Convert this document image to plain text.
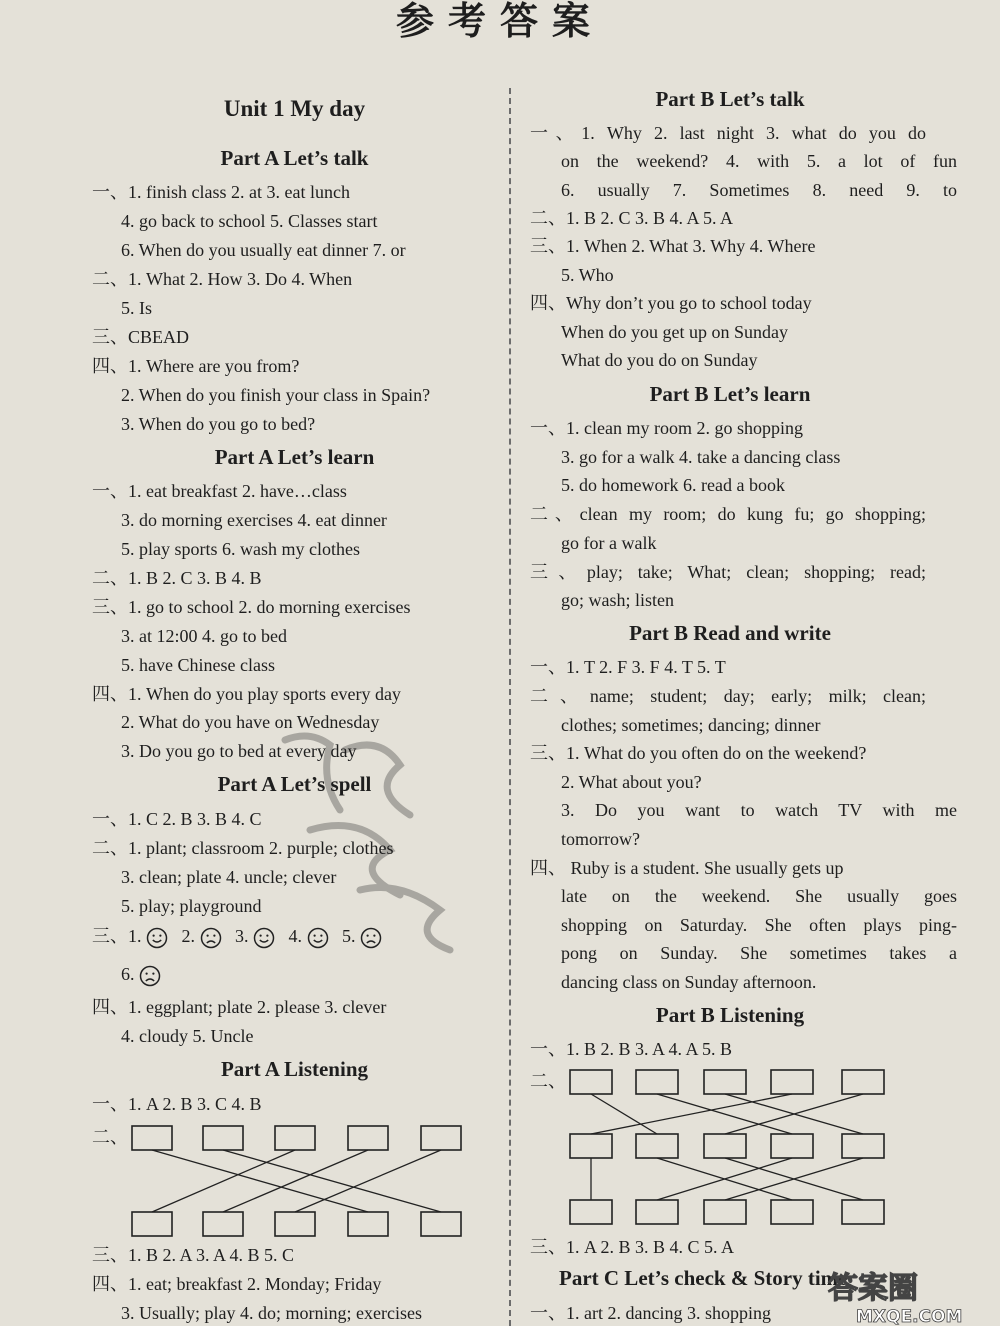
参考答案
Unit 1 My day
Part A Let’s talk
一、1. finish class 2. at 3. eat lunch
4. go back to school 5. Classes start
6. When do you usually eat dinner 7. or
二、1. What 2. How 3. Do 4. When
5. Is
三、CBEAD
四、1. Where are you from?
2. When do you finish your class in Spain?
3. When do you go to bed?
Part A Let’s learn
一、1. eat breakfast 2. have…class
3. do morning exercises 4. eat dinner
5. play sports 6. wash my clothes
二、1. B 2. C 3. B 4. B
三、1. go to school 2. do morning exercises
3. at 12:00 4. go to bed
5. have Chinese class
四、1. When do you play sports every day
2. What do you have on Wednesday
3. Do you go to bed at every day
Part A Let’s spell
一、1. C 2. B 3. B 4. C
二、1. plant; classroom 2. purple; clothes
3. clean; plate 4. uncle; clever
5. play; playground
三、1. 2. 3. 4. 5.
6.
四、1. eggplant; plate 2. please 3. clever
4. cloudy 5. Uncle
Part A Listening
一、1. A 2. B 3. C 4. B
二、
三、1. B 2. A 3. A 4. B 5. C
四、1. eat; breakfast 2. Monday; Friday
3. Usually; play 4. do; morning; exercises
Part B Let’s talk
一、1. Why 2. last night 3. what do you do
on the weekend? 4. with 5. a lot of fun
6. usually 7. Sometimes 8. need 9. to
二、1. B 2. C 3. B 4. A 5. A
三、1. When 2. What 3. Why 4. Where
5. Who
四、Why don’t you go to school today
When do you get up on Sunday
What do you do on Sunday
Part B Let’s learn
一、1. clean my room 2. go shopping
3. go for a walk 4. take a dancing class
5. do homework 6. read a book
二、clean my room; do kung fu; go shopping;
go for a walk
三、play; take; What; clean; shopping; read;
go; wash; listen
Part B Read and write
一、1. T 2. F 3. F 4. T 5. T
二、name; student; day; early; milk; clean;
clothes; sometimes; dancing; dinner
三、1. What do you often do on the weekend?
2. What about you?
3. Do you want to watch TV with me
tomorrow?
四、 Ruby is a student. She usually gets up
late on the weekend. She usually goes
shopping on Saturday. She often plays ping-
pong on Sunday. She sometimes takes a
dancing class on Sunday afternoon.
Part B Listening
一、1. B 2. B 3. A 4. A 5. B
二、
三、1. A 2. B 3. B 4. C 5. A
Part C Let’s check & Story time
一、1. art 2. dancing 3. shopping
答案圈
MXQE.COM
